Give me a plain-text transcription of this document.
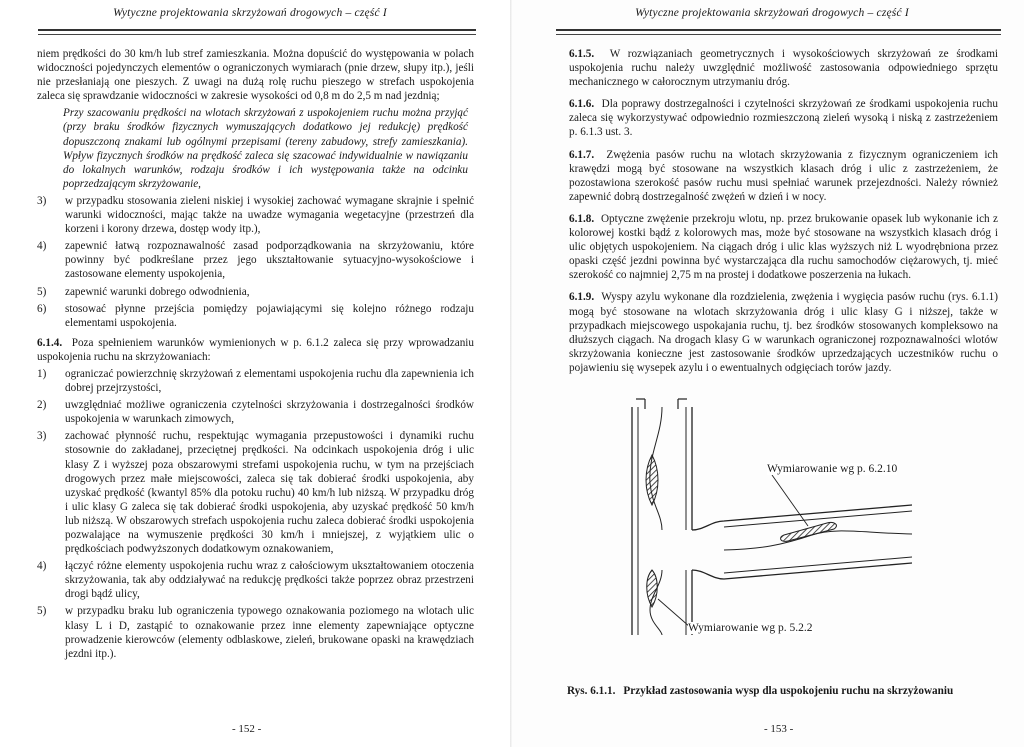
Wytyczne projektowania skrzyżowań drogowych – część I

niem prędkości do 30 km/h lub stref zamieszkania. Można dopuścić do występowania w polach widoczności pojedynczych elementów o ograniczonych wymiarach (pnie drzew, słupy itp.), jeśli nie przesłaniają one pieszych. Z uwagi na dużą rolę ruchu pieszego w strefach uspokojenia zaleca się sprawdzanie widoczności w zakresie wysokości od 0,8 m do 2,5 m nad jezdnią;

Przy szacowaniu prędkości na wlotach skrzyżowań z uspokojeniem ruchu można przyjąć (przy braku środków fizycznych wymuszających dodatkowo jej redukcję) prędkość dopuszczoną znakami lub ogólnymi przepisami (tereny zabudowy, strefy zamieszkania). Wpływ fizycznych środków na prędkość zaleca się szacować indywidualnie w nawiązaniu do lokalnych warunków, rodzaju środków i ich występowania także na odcinku poprzedzającym skrzyżowanie,

3) w przypadku stosowania zieleni niskiej i wysokiej zachować wymagane skrajnie i spełnić warunki widoczności, mając także na uwadze wymagania wegetacyjne (przestrzeń dla korzeni i korony drzewa, dostęp wody itp.),
4) zapewnić łatwą rozpoznawalność zasad podporządkowania na skrzyżowaniu, które powinny być podkreślane przez jego ukształtowanie sytuacyjno-wysokościowe i zastosowane elementy uspokojenia,
5) zapewnić warunki dobrego odwodnienia,
6) stosować płynne przejścia pomiędzy pojawiającymi się kolejno różnego rodzaju elementami uspokojenia.

6.1.4. Poza spełnieniem warunków wymienionych w p. 6.1.2 zaleca się przy wprowadzaniu uspokojenia ruchu na skrzyżowaniach:

1) ograniczać powierzchnię skrzyżowań z elementami uspokojenia ruchu dla zapewnienia ich dobrej przejrzystości,
2) uwzględniać możliwe ograniczenia czytelności skrzyżowania i dostrzegalności środków uspokojenia w warunkach zimowych,
3) zachować płynność ruchu, respektując wymagania przepustowości i dynamiki ruchu stosownie do zakładanej, przeciętnej prędkości. Na odcinkach uspokojenia dróg i ulic klasy Z i wyższej poza obszarowymi strefami uspokojenia ruchu, w tym na przejściach drogowych przez małe miejscowości, zaleca się tak dobierać środki uspokojenia, aby uzyskać prędkość (kwantyl 85% dla potoku ruchu) 40 km/h lub niższą. W przypadku dróg i ulic klasy G zaleca się tak dobierać środki uspokojenia, aby uzyskać prędkość 50 km/h lub niższą. W obszarowych strefach uspokojenia ruchu zaleca dobierać środki uspokojenia pozwalające na wymuszenie prędkości 30 km/h i mniejszej, z wyjątkiem ulic o prędkościach podwyższonych dodatkowym oznakowaniem,
4) łączyć różne elementy uspokojenia ruchu wraz z całościowym ukształtowaniem otoczenia skrzyżowania, tak aby oddziaływać na redukcję prędkości także poprzez obraz przestrzeni drogi bądź ulicy,
5) w przypadku braku lub ograniczenia typowego oznakowania poziomego na wlotach ulic klasy L i D, zastąpić to oznakowanie przez inne elementy zapewniające optyczne prowadzenie kierowców (elementy odblaskowe, zieleń, brukowane opaski na krawędziach jezdni itp.).
- 152 -
Wytyczne projektowania skrzyżowań drogowych – część I

6.1.5. W rozwiązaniach geometrycznych i wysokościowych skrzyżowań ze środkami uspokojenia ruchu należy uwzględnić możliwość zastosowania odpowiedniego sprzętu mechanicznego w całorocznym utrzymaniu dróg.

6.1.6. Dla poprawy dostrzegalności i czytelności skrzyżowań ze środkami uspokojenia ruchu zaleca się wykorzystywać odpowiednio rozmieszczoną zieleń wysoką i niską z zastrzeżeniem p. 6.1.3 ust. 3.

6.1.7. Zwężenia pasów ruchu na wlotach skrzyżowania z fizycznym ograniczeniem ich krawędzi mogą być stosowane na wszystkich klasach dróg i ulic z zastrzeżeniem, że pozostawiona szerokość pasów ruchu musi spełniać warunek przejezdności. Należy również zapewnić dobrą dostrzegalność zwężeń w dzień i w nocy.

6.1.8. Optyczne zwężenie przekroju wlotu, np. przez brukowanie opasek lub wykonanie ich z kolorowej kostki bądź z kolorowych mas, może być stosowane na wszystkich klasach dróg i ulic objętych uspokojeniem. Na ciągach dróg i ulic klas wyższych niż L wyodrębniona przez opaski część jezdni powinna być wystarczająca dla ruchu samochodów ciężarowych, tj. mieć szerokość co najmniej 2,75 m na prostej i dodatkowe poszerzenia na łukach.

6.1.9. Wyspy azylu wykonane dla rozdzielenia, zwężenia i wygięcia pasów ruchu (rys. 6.1.1) mogą być stosowane na wlotach skrzyżowania dróg i ulic klasy G i niższej, także w przypadkach miejscowego uspokajania ruchu, tj. bez środków stosowanych kompleksowo na dłuższych ciągach. Na drogach klasy G w warunkach ograniczonej rozpoznawalności wlotów skrzyżowania konieczne jest zastosowanie środków uprzedzających uczestników ruchu o pojawieniu się wysepek azylu i o ewentualnych odgięciach torów jazdy.

- 153 -
Wymiarowanie wg p. 6.2.10
Wymiarowanie wg p. 5.2.2
Rys. 6.1.1. Przykład zastosowania wysp dla uspokojeniu ruchu na skrzyżowaniu
